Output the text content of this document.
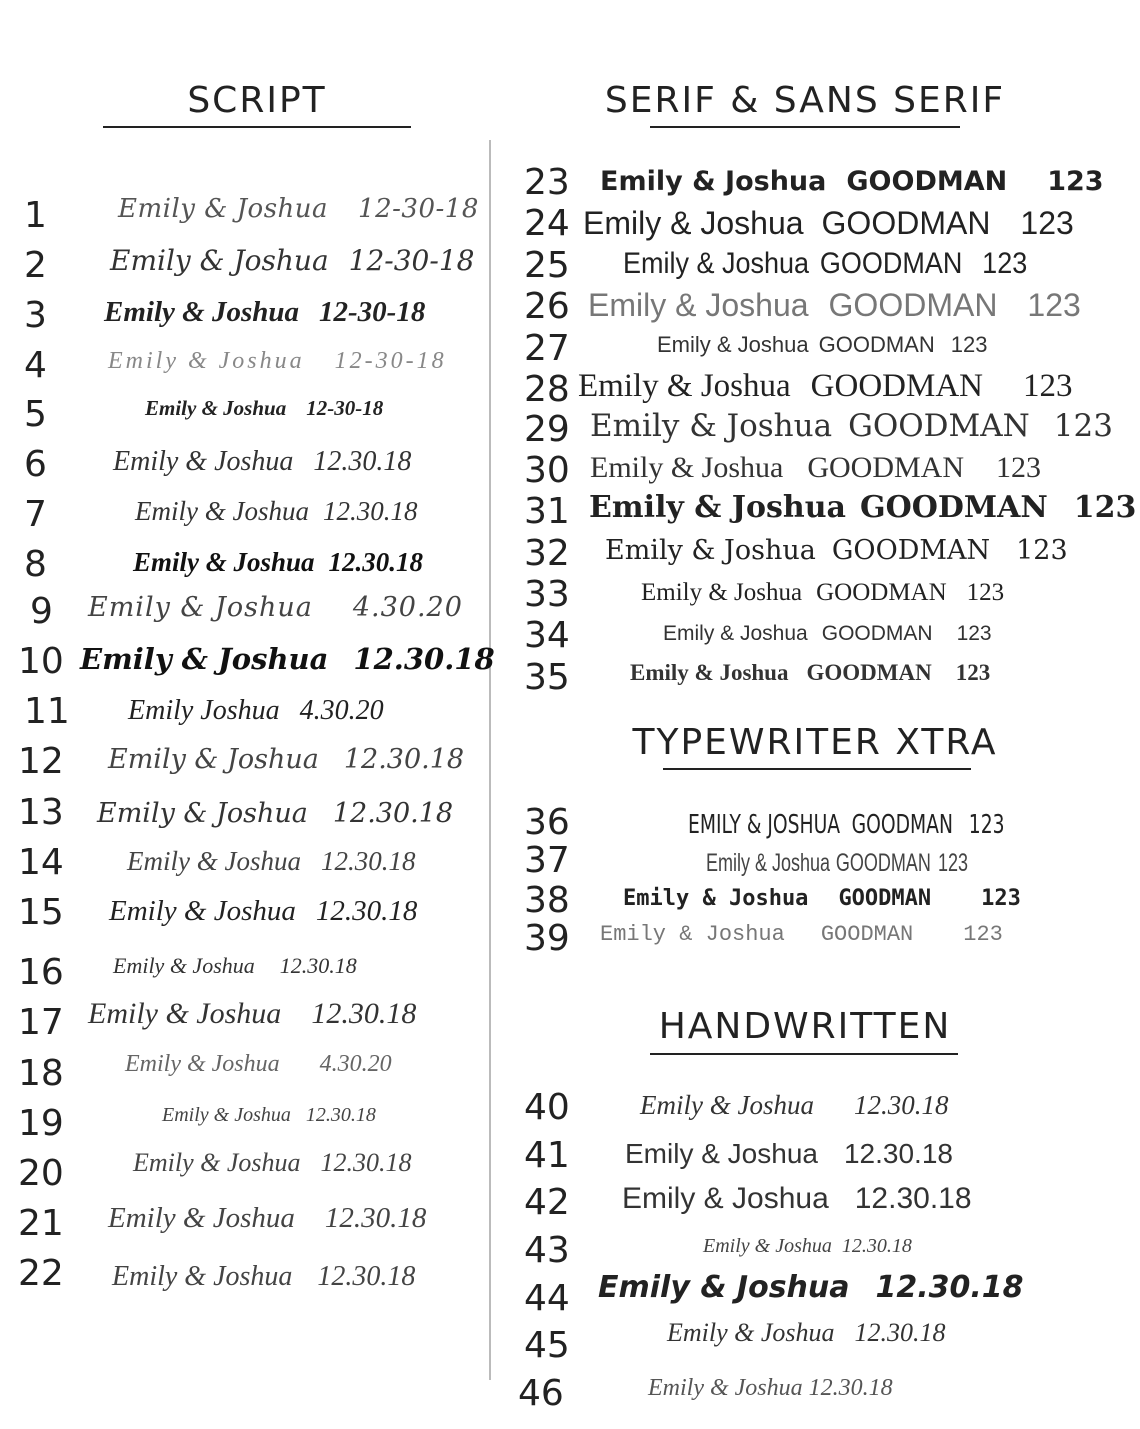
SCRIPT	SERIF & SANS SERIF
TYPEWRITER XTRA
HANDWRITTEN
1	Emily & Joshua 12-30-18
2 Emily & Joshua 12-30-18
3 Emily & Joshua 12-30-18
4	Emily & Joshua 12-30-18
5	Emily & Joshua 12-30-18
6 Emily & Joshua 12.30.18
7	Emily & Joshua 12.30.18
8	Emily & Joshua 12.30.18
9 Emily & Joshua 4.30.20
10 Emily & Joshua 12.30.18
11 Emily Joshua 4.30.20
12 Emily & Joshua 12.30.18
13 Emily & Joshua 12.30.18
14 Emily & Joshua 12.30.18
15 Emily & Joshua 12.30.18
16 Emily & Joshua 12.30.18
17 Emily & Joshua 12.30.18
18	Emily & Joshua 4.30.20
19	Emily & Joshua 12.30.18
20	Emily & Joshua 12.30.18
21 Emily & Joshua 12.30.18
22 Emily & Joshua 12.30.18
23 Emily & Joshua GOODMAN 123
24 Emily & Joshua GOODMAN 123
25 Emily & Joshua GOODMAN 123
26 Emily & Joshua GOODMAN 123
27	Emily & Joshua GOODMAN 123
28 Emily & Joshua GOODMAN 123
29 Emily & Joshua GOODMAN 123
30 Emily & Joshua GOODMAN 123
31 Emily & Joshua GOODMAN 123
32 Emily & Joshua GOODMAN 123
33	Emily & Joshua GOODMAN 123
34	Emily & Joshua GOODMAN 123
35	Emily & Joshua GOODMAN 123
36	EMILY & JOSHUA GOODMAN 123
37	Emily & Joshua GOODMAN 123
38 Emily & Joshua GOODMAN 123
39 Emily & Joshua GOODMAN 123
40	Emily & Joshua 12.30.18
41 Emily & Joshua 12.30.18
42 Emily & Joshua 12.30.18
43	Emily & Joshua 12.30.18
44 Emily & Joshua 12.30.18
45	Emily & Joshua 12.30.18
46	Emily & Joshua 12.30.18
